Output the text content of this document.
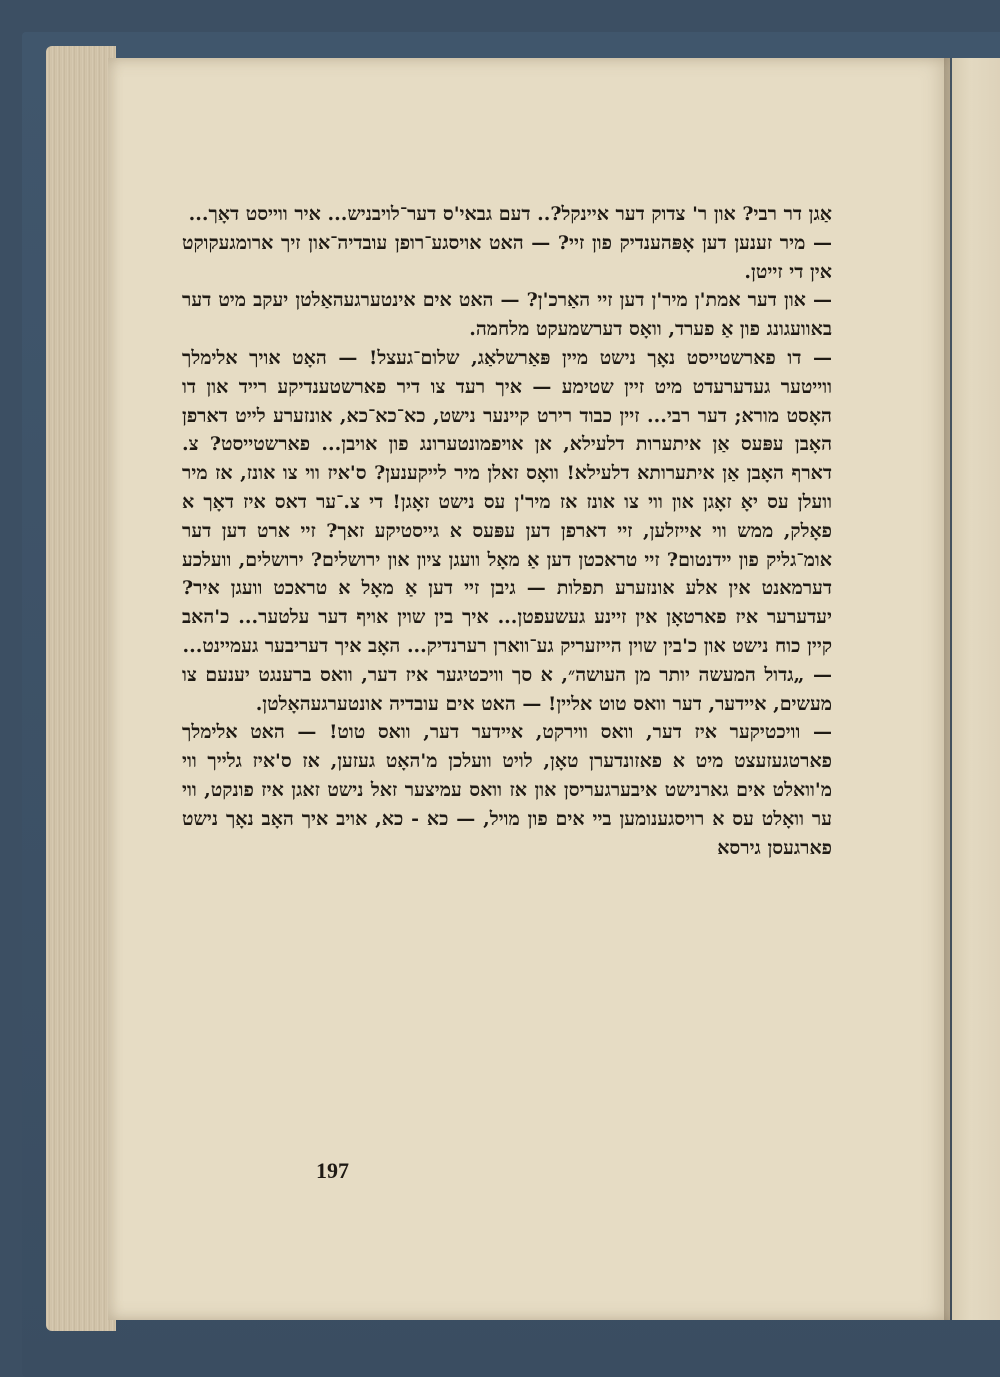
אַגן דר רבי? און ר' צדוק דער איינקל?.. דעם גבאי'ס דער־לויבניש... איר ווייסט דאָך...

— מיר זענען דען אָפּהענדיק פון זיי? — האט אויסגע־רופן עובדיה־און זיך ארומגעקוקט אין די זייטן.

— און דער אמת'ן מיר'ן דען זיי האַרכ'ן? — האט אים אינטערגעהאַלטן יעקב מיט דער באוועגונג פון אַ פערד, וואָס דערשמעקט מלחמה.

— דו פארשטייסט נאָך נישט מיין פּאַרשלאַג, שלום־געצל! — האָט אויך אלימלך ווייטער געדערעדט מיט זיין שטימע — איך רעד צו דיר פארשטענדיקע רייד און דו האָסט מורא; דער רבי... זיין כבוד רירט קיינער נישט, כא־כא־כא, אונזערע לייט דארפן האָבן עפּעס אַן איתערות דלעילא, אן אויפמונטערונג פון אויבן... פארשטייסט? צ. דארף האָבן אַן איתערותא דלעילא! וואָס זאלן מיר לייקענען? ס'איז ווי צו אונז, אז מיר וועלן עס יאָ זאָגן און ווי צו אונז אז מיר'ן עס נישט זאָגן! די צ.־ער דאס איז דאָך א פאָלק, ממש ווי אייזלען, זיי דארפן דען עפּעס א גייסטיקע זאך? זיי ארט דען דער אומ־גליק פון יידנטום? זיי טראכטן דען אַ מאָל וועגן ציון און ירושלים? ירושלים, וועלכע דערמאנט אין אלע אונזערע תפלות — גיבן זיי דען אַ מאָל א טראכט וועגן איר? יעדערער איז פארטאָן אין זיינע געשעפטן... איך בין שוין אויף דער עלטער... כ'האב קיין כוח נישט און כ'בין שוין הייזעריק גע־ווארן רערנדיק... האָב איך דעריבער געמיינט...

— „גדול המעשה יותר מן העושה״, א סך וויכטיגער איז דער, וואס ברענגט יענעם צו מעשים, איידער, דער וואס טוט אליין! — האט אים עובדיה אונטערגעהאָלטן.

— וויכטיקער איז דער, וואס ווירקט, איידער דער, וואס טוט! — האט אלימלך פארטגעזעצט מיט א פאזונדערן טאָן, לויט וועלכן מ'האָט געזען, אז ס'איז גלייך ווי מ'וואלט אים גארנישט איבערגעריסן און אז וואס עמיצער זאל נישט זאגן איז פונקט, ווי ער וואָלט עס א רויסגענומען ביי אים פון מויל, — כא - כא, אויב איך האָב נאָך נישט פארגעסן גירסא

197
